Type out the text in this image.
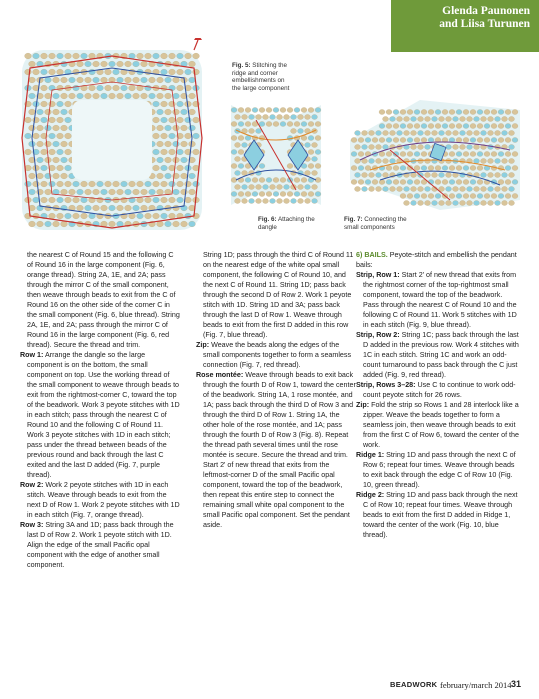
Glenda Paunonen
and Liisa Turunen
Fig. 5: Stitching the ridge and corner embellishments on the large component
Fig. 6: Attaching the dangle
Fig. 7: Connecting the small components

the nearest C of Round 15 and the following C of Round 16 in the large component (Fig. 6, orange thread). String 2A, 1E, and 2A; pass through the mirror C of the small component, then weave through beads to exit from the C of Round 16 on the other side of the corner C in the small component (Fig. 6, blue thread). String 2A, 1E, and 2A; pass through the mirror C of Round 16 in the large component (Fig. 6, red thread). Secure the thread and trim.

Row 1: Arrange the dangle so the large component is on the bottom, the small component on top. Use the working thread of the small component to weave through beads to exit from the rightmost-corner C, toward the top of the beadwork. Work 3 peyote stitches with 1D in each stitch; pass through the nearest C of Round 10 and the following C of Round 11. Work 3 peyote stitches with 1D in each stitch; pass under the thread between beads of the previous round and back through the last C exited and the last D added (Fig. 7, purple thread).

Row 2: Work 2 peyote stitches with 1D in each stitch. Weave through beads to exit from the next D of Row 1. Work 2 peyote stitches with 1D in each stitch (Fig. 7, orange thread).

Row 3: String 3A and 1D; pass back through the last D of Row 2. Work 1 peyote stitch with 1D. Align the edge of the small Pacific opal component with the edge of another small component.

String 1D; pass through the third C of Round 11 on the nearest edge of the white opal small component, the following C of Round 10, and the next C of Round 11. String 1D; pass back through the second D of Row 2. Work 1 peyote stitch with 1D. String 1D and 3A; pass back through the last D of Row 1. Weave through beads to exit from the first D added in this row (Fig. 7, blue thread).

Zip: Weave the beads along the edges of the small components together to form a seamless connection (Fig. 7, red thread).

Rose montée: Weave through beads to exit back through the fourth D of Row 1, toward the center of the beadwork. String 1A, 1 rose montée, and 1A; pass back through the third D of Row 3 and through the third D of Row 1. String 1A, the other hole of the rose montée, and 1A; pass through the fourth D of Row 3 (Fig. 8). Repeat the thread path several times until the rose montée is secure. Secure the thread and trim.

Start 2' of new thread that exits from the leftmost-corner D of the small Pacific opal component, toward the top of the beadwork, then repeat this entire step to connect the remaining small white opal component to the small Pacific opal component. Set the pendant aside.

6) BAILS. Peyote-stitch and embellish the pendant bails:

Strip, Row 1: Start 2' of new thread that exits from the rightmost corner of the top-rightmost small component, toward the top of the beadwork. Pass through the nearest C of Round 10 and the following C of Round 11. Work 5 stitches with 1D in each stitch (Fig. 9, blue thread).

Strip, Row 2: String 1C; pass back through the last D added in the previous row. Work 4 stitches with 1C in each stitch. String 1C and work an odd-count turnaround to pass back through the C just added (Fig. 9, red thread).

Strip, Rows 3–28: Use C to continue to work odd-count peyote stitch for 26 rows.

Zip: Fold the strip so Rows 1 and 28 interlock like a zipper. Weave the beads together to form a seamless join, then weave through beads to exit from the first C of Row 6, toward the center of the work.

Ridge 1: String 1D and pass through the next C of Row 6; repeat four times. Weave through beads to exit back through the edge C of Row 10 (Fig. 10, green thread).

Ridge 2: String 1D and pass back through the next C of Row 10; repeat four times. Weave through beads to exit from the first D added in Ridge 1, toward the center of the work (Fig. 10, blue thread).

BEADWORK february/march 2014 31
